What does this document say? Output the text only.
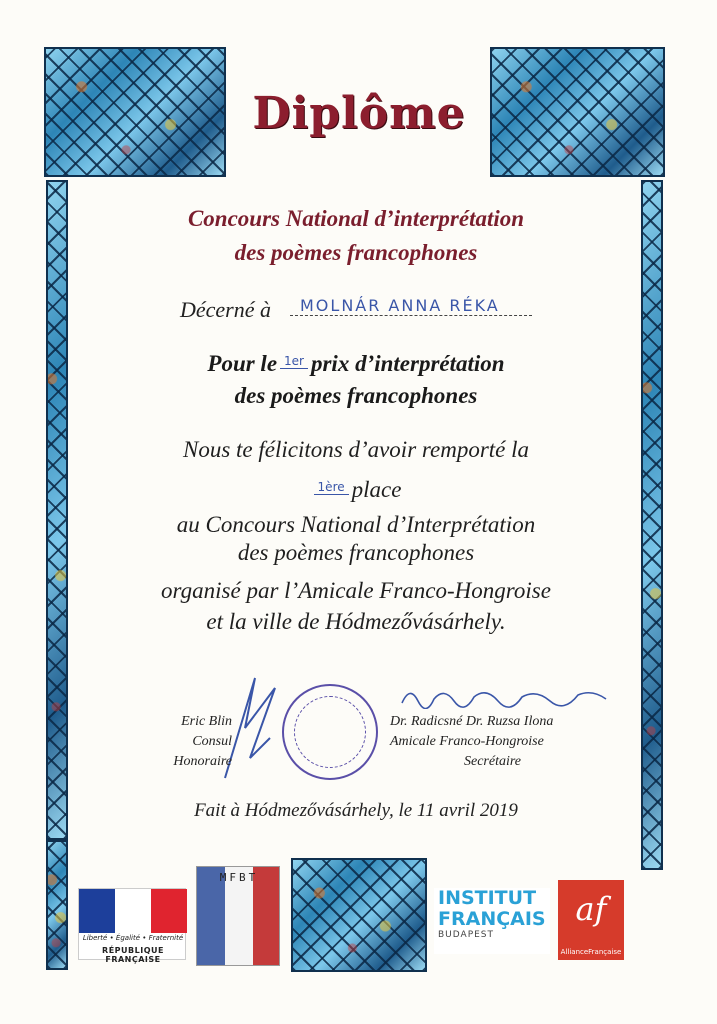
Diplôme
Concours National d’interprétation
des poèmes francophones
Décerné à	MOLNÁR ANNA RÉKA
Pour le 1er prix d’interprétation
des poèmes francophones
Nous te félicitons d’avoir remporté la
1ère place
au Concours National d’Interprétation
des poèmes francophones
organisé par l’Amicale Franco-Hongroise
et la ville de Hódmezővásárhely.
Eric Blin
Consul
Honoraire
Dr. Radicsné Dr. Ruzsa Ilona
Amicale Franco-Hongroise
Secrétaire
Fait à Hódmezővásárhely, le 11 avril 2019
Liberté • Égalité • Fraternité
RÉPUBLIQUE FRANÇAISE
MFBT
INSTITUT
FRANÇAIS
BUDAPEST
af
AllianceFrançaise
